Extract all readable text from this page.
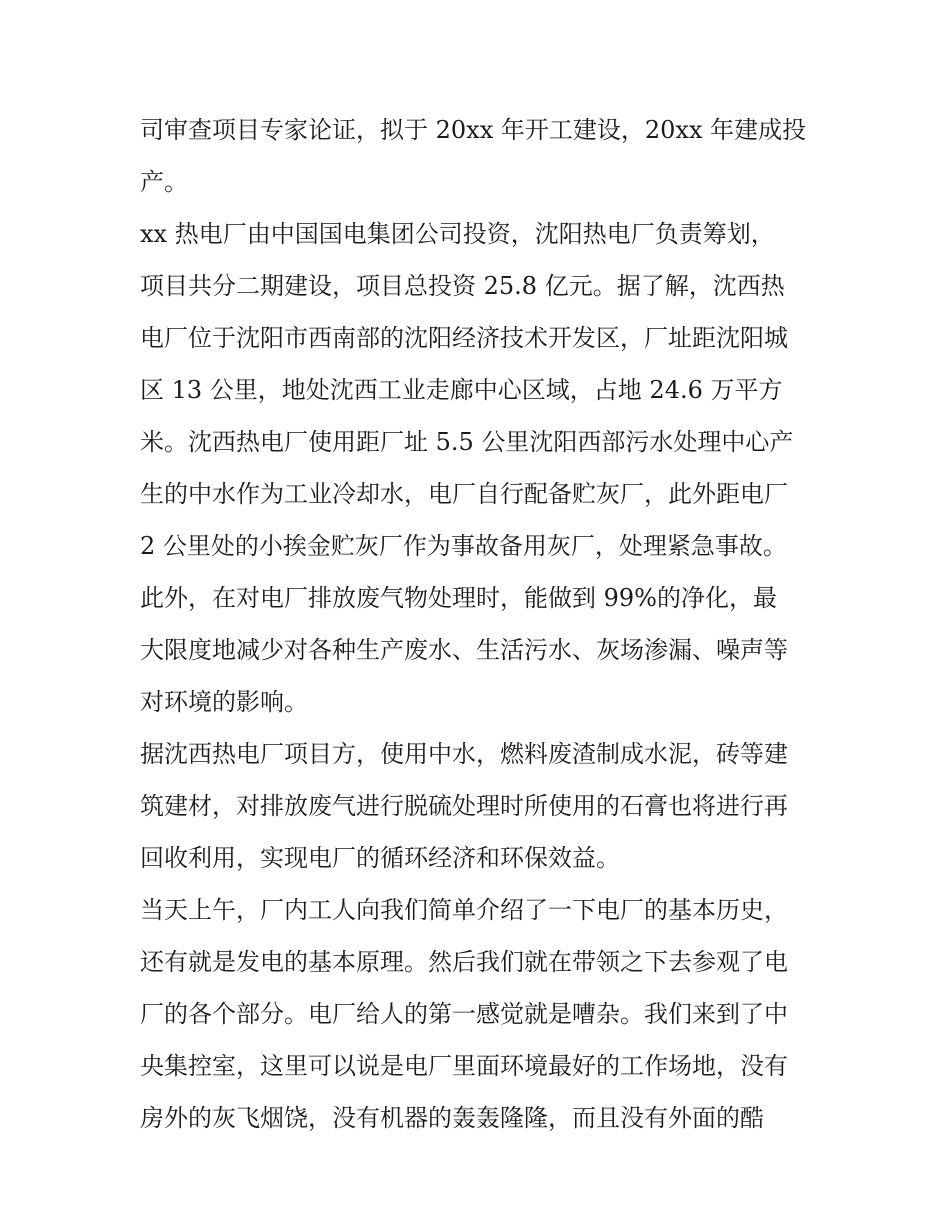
司审查项目专家论证，拟于 20xx 年开工建设，20xx 年建成投
产。
xx 热电厂由中国国电集团公司投资，沈阳热电厂负责筹划，
项目共分二期建设，项目总投资 25.8 亿元。据了解，沈西热
电厂位于沈阳市西南部的沈阳经济技术开发区，厂址距沈阳城
区 13 公里，地处沈西工业走廊中心区域，占地 24.6 万平方
米。沈西热电厂使用距厂址 5.5 公里沈阳西部污水处理中心产
生的中水作为工业冷却水，电厂自行配备贮灰厂，此外距电厂
2 公里处的小挨金贮灰厂作为事故备用灰厂，处理紧急事故。
此外，在对电厂排放废气物处理时，能做到 99%的净化，最
大限度地减少对各种生产废水、生活污水、灰场渗漏、噪声等
对环境的影响。
据沈西热电厂项目方，使用中水，燃料废渣制成水泥，砖等建
筑建材，对排放废气进行脱硫处理时所使用的石膏也将进行再
回收利用，实现电厂的循环经济和环保效益。
当天上午，厂内工人向我们简单介绍了一下电厂的基本历史，
还有就是发电的基本原理。然后我们就在带领之下去参观了电
厂的各个部分。电厂给人的第一感觉就是嘈杂。我们来到了中
央集控室，这里可以说是电厂里面环境最好的工作场地，没有
房外的灰飞烟饶，没有机器的轰轰隆隆，而且没有外面的酷
